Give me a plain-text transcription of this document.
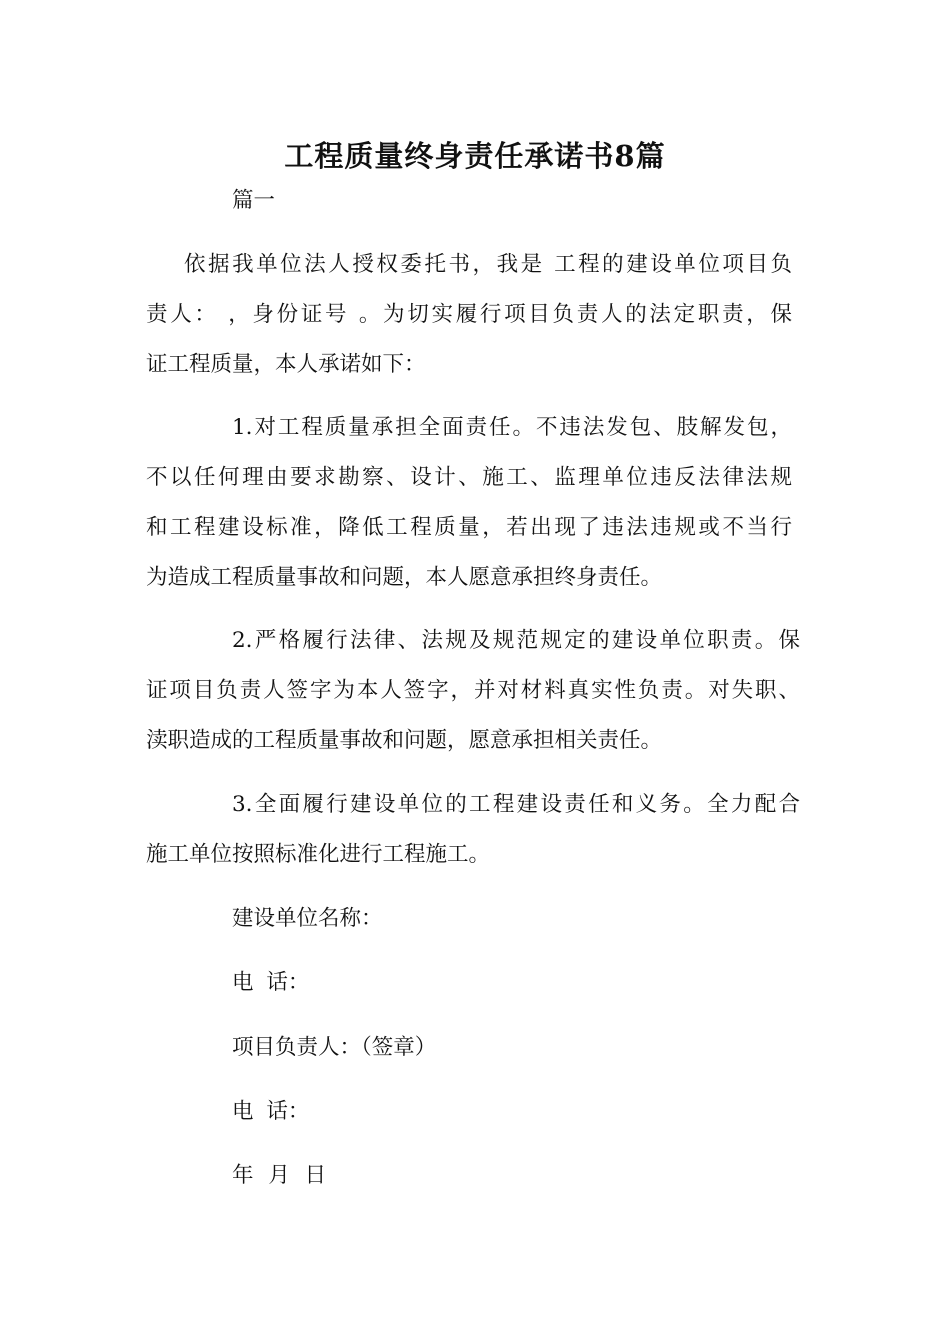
工程质量终身责任承诺书8篇
篇一
依据我单位法人授权委托书，我是 工程的建设单位项目负
责人： ，身份证号 。为切实履行项目负责人的法定职责，保
证工程质量，本人承诺如下：
1.对工程质量承担全面责任。不违法发包、肢解发包，
不以任何理由要求勘察、设计、施工、监理单位违反法律法规
和工程建设标准，降低工程质量，若出现了违法违规或不当行
为造成工程质量事故和问题，本人愿意承担终身责任。
2.严格履行法律、法规及规范规定的建设单位职责。保
证项目负责人签字为本人签字，并对材料真实性负责。对失职、
渎职造成的工程质量事故和问题，愿意承担相关责任。
3.全面履行建设单位的工程建设责任和义务。全力配合
施工单位按照标准化进行工程施工。
建设单位名称：
电 话：
项目负责人：（签章）
电 话：
年 月 日
